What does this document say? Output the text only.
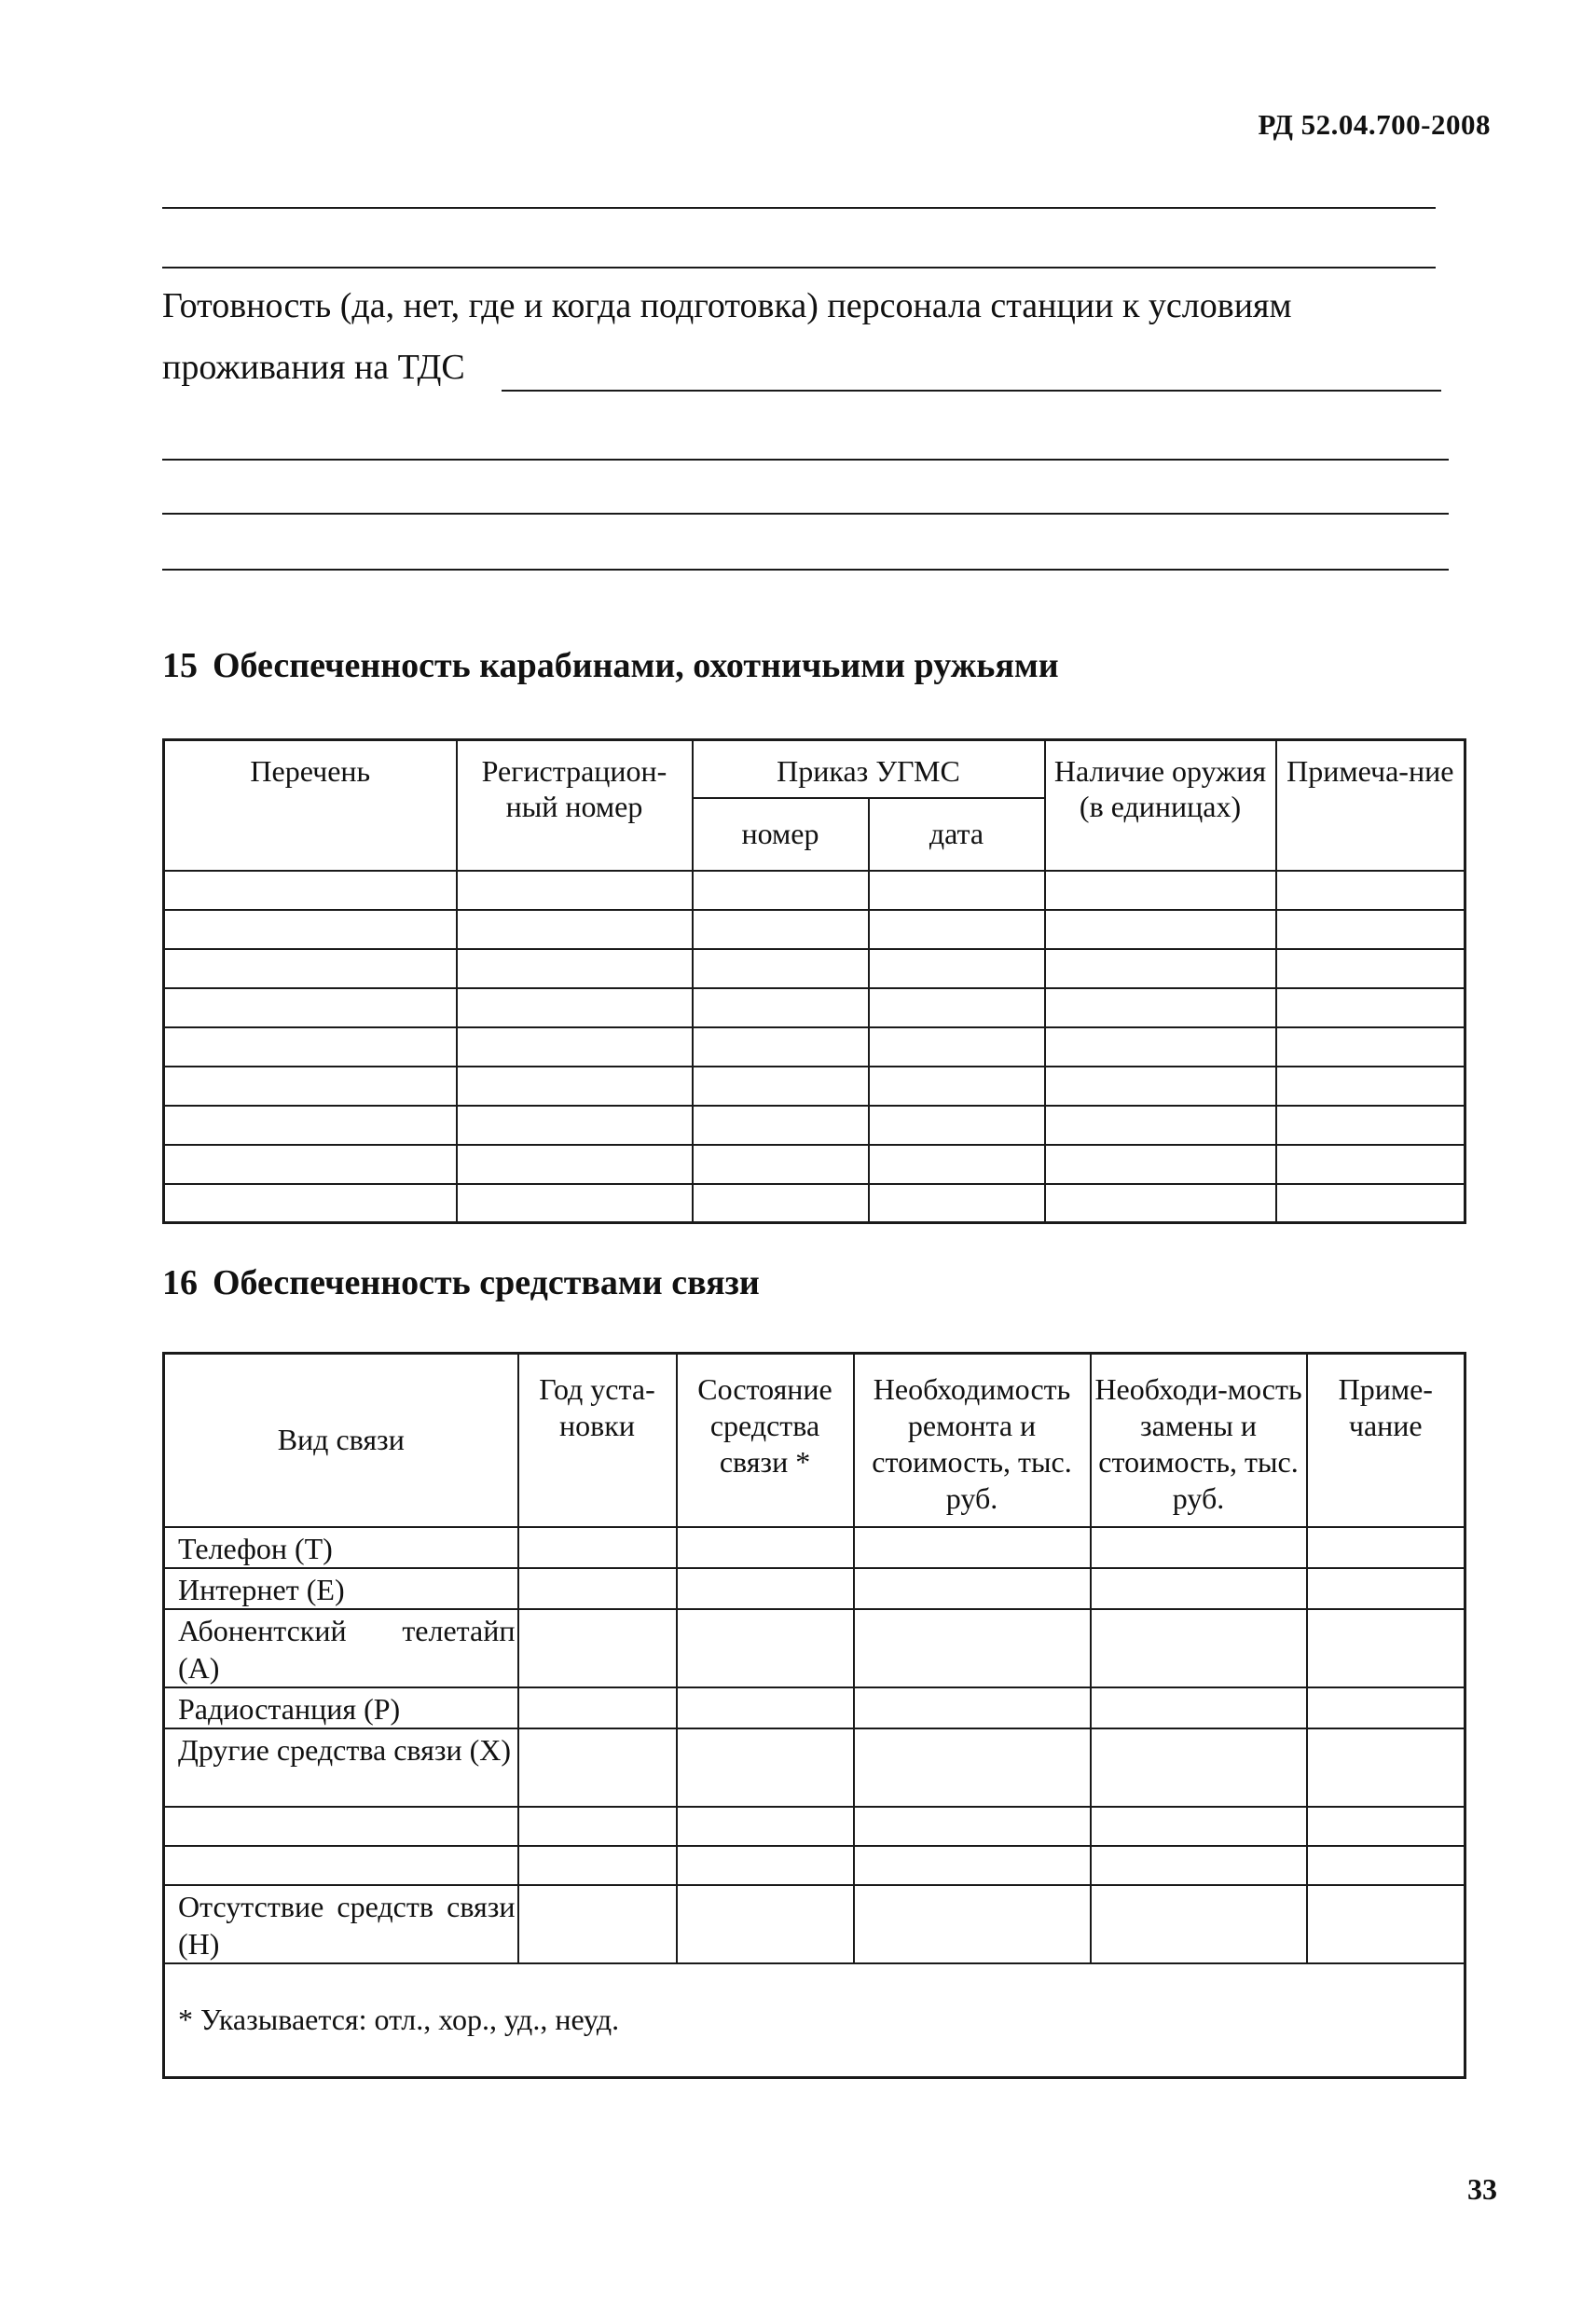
РД 52.04.700-2008
Готовность (да, нет, где и когда подготовка) персонала станции к условиям
проживания на ТДС
15 Обеспеченность карабинами, охотничьими ружьями
Перечень	Регистрацион-ный номер	Приказ УГМС		Наличие оружия (в единицах)	Примеча-ние
		номер	дата		

16 Обеспеченность средствами связи
Вид связи	Год уста-новки	Состояние средства связи *	Необходимость ремонта и стоимость, тыс. руб.	Необходи-мость замены и стоимость, тыс. руб.	Приме-чание
Телефон (Т)					
Интернет (Е)					
Абонентский телетайп (А)					
Радиостанция (Р)					
Другие средства связи (Х)					

Отсутствие средств связи (Н)					
* Указывается: отл., хор., уд., неуд.					
33
